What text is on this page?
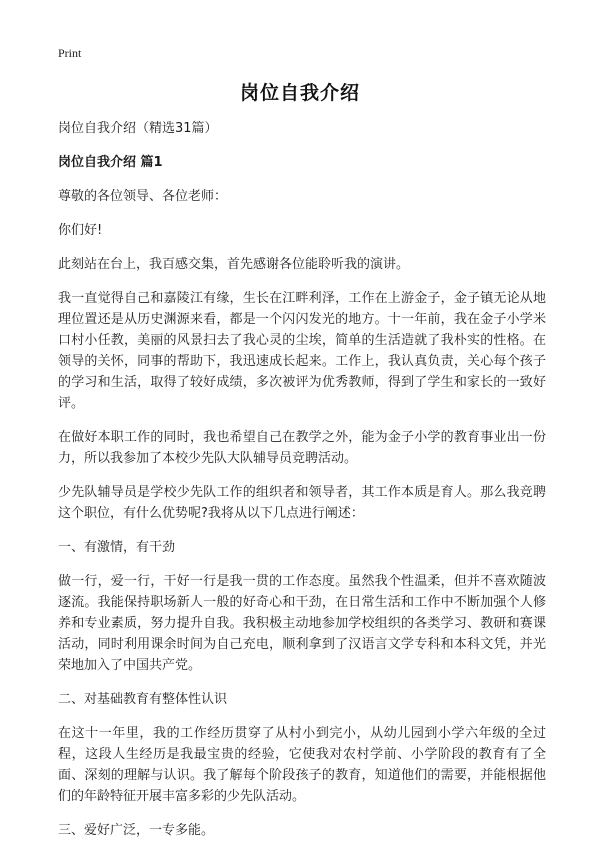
Print
岗位自我介绍

岗位自我介绍（精选31篇）

岗位自我介绍 篇1

尊敬的各位领导、各位老师：

你们好!

此刻站在台上，我百感交集，首先感谢各位能聆听我的演讲。

我一直觉得自己和嘉陵江有缘，生长在江畔利泽，工作在上游金子，金子镇无论从地理位置还是从历史渊源来看，都是一个闪闪发光的地方。十一年前，我在金子小学米口村小任教，美丽的风景扫去了我心灵的尘埃，简单的生活造就了我朴实的性格。在领导的关怀，同事的帮助下，我迅速成长起来。工作上，我认真负责，关心每个孩子的学习和生活，取得了较好成绩，多次被评为优秀教师，得到了学生和家长的一致好评。

在做好本职工作的同时，我也希望自己在教学之外，能为金子小学的教育事业出一份力，所以我参加了本校少先队大队辅导员竞聘活动。

少先队辅导员是学校少先队工作的组织者和领导者，其工作本质是育人。那么我竞聘这个职位，有什么优势呢?我将从以下几点进行阐述：

一、有激情，有干劲

做一行，爱一行，干好一行是我一贯的工作态度。虽然我个性温柔，但并不喜欢随波逐流。我能保持职场新人一般的好奇心和干劲，在日常生活和工作中不断加强个人修养和专业素质，努力提升自我。我积极主动地参加学校组织的各类学习、教研和赛课活动，同时利用课余时间为自己充电，顺利拿到了汉语言文学专科和本科文凭，并光荣地加入了中国共产党。

二、对基础教育有整体性认识

在这十一年里，我的工作经历贯穿了从村小到完小，从幼儿园到小学六年级的全过程，这段人生经历是我最宝贵的经验，它使我对农村学前、小学阶段的教育有了全面、深刻的理解与认识。我了解每个阶段孩子的教育，知道他们的需要，并能根据他们的年龄特征开展丰富多彩的少先队活动。

三、爱好广泛，一专多能。
